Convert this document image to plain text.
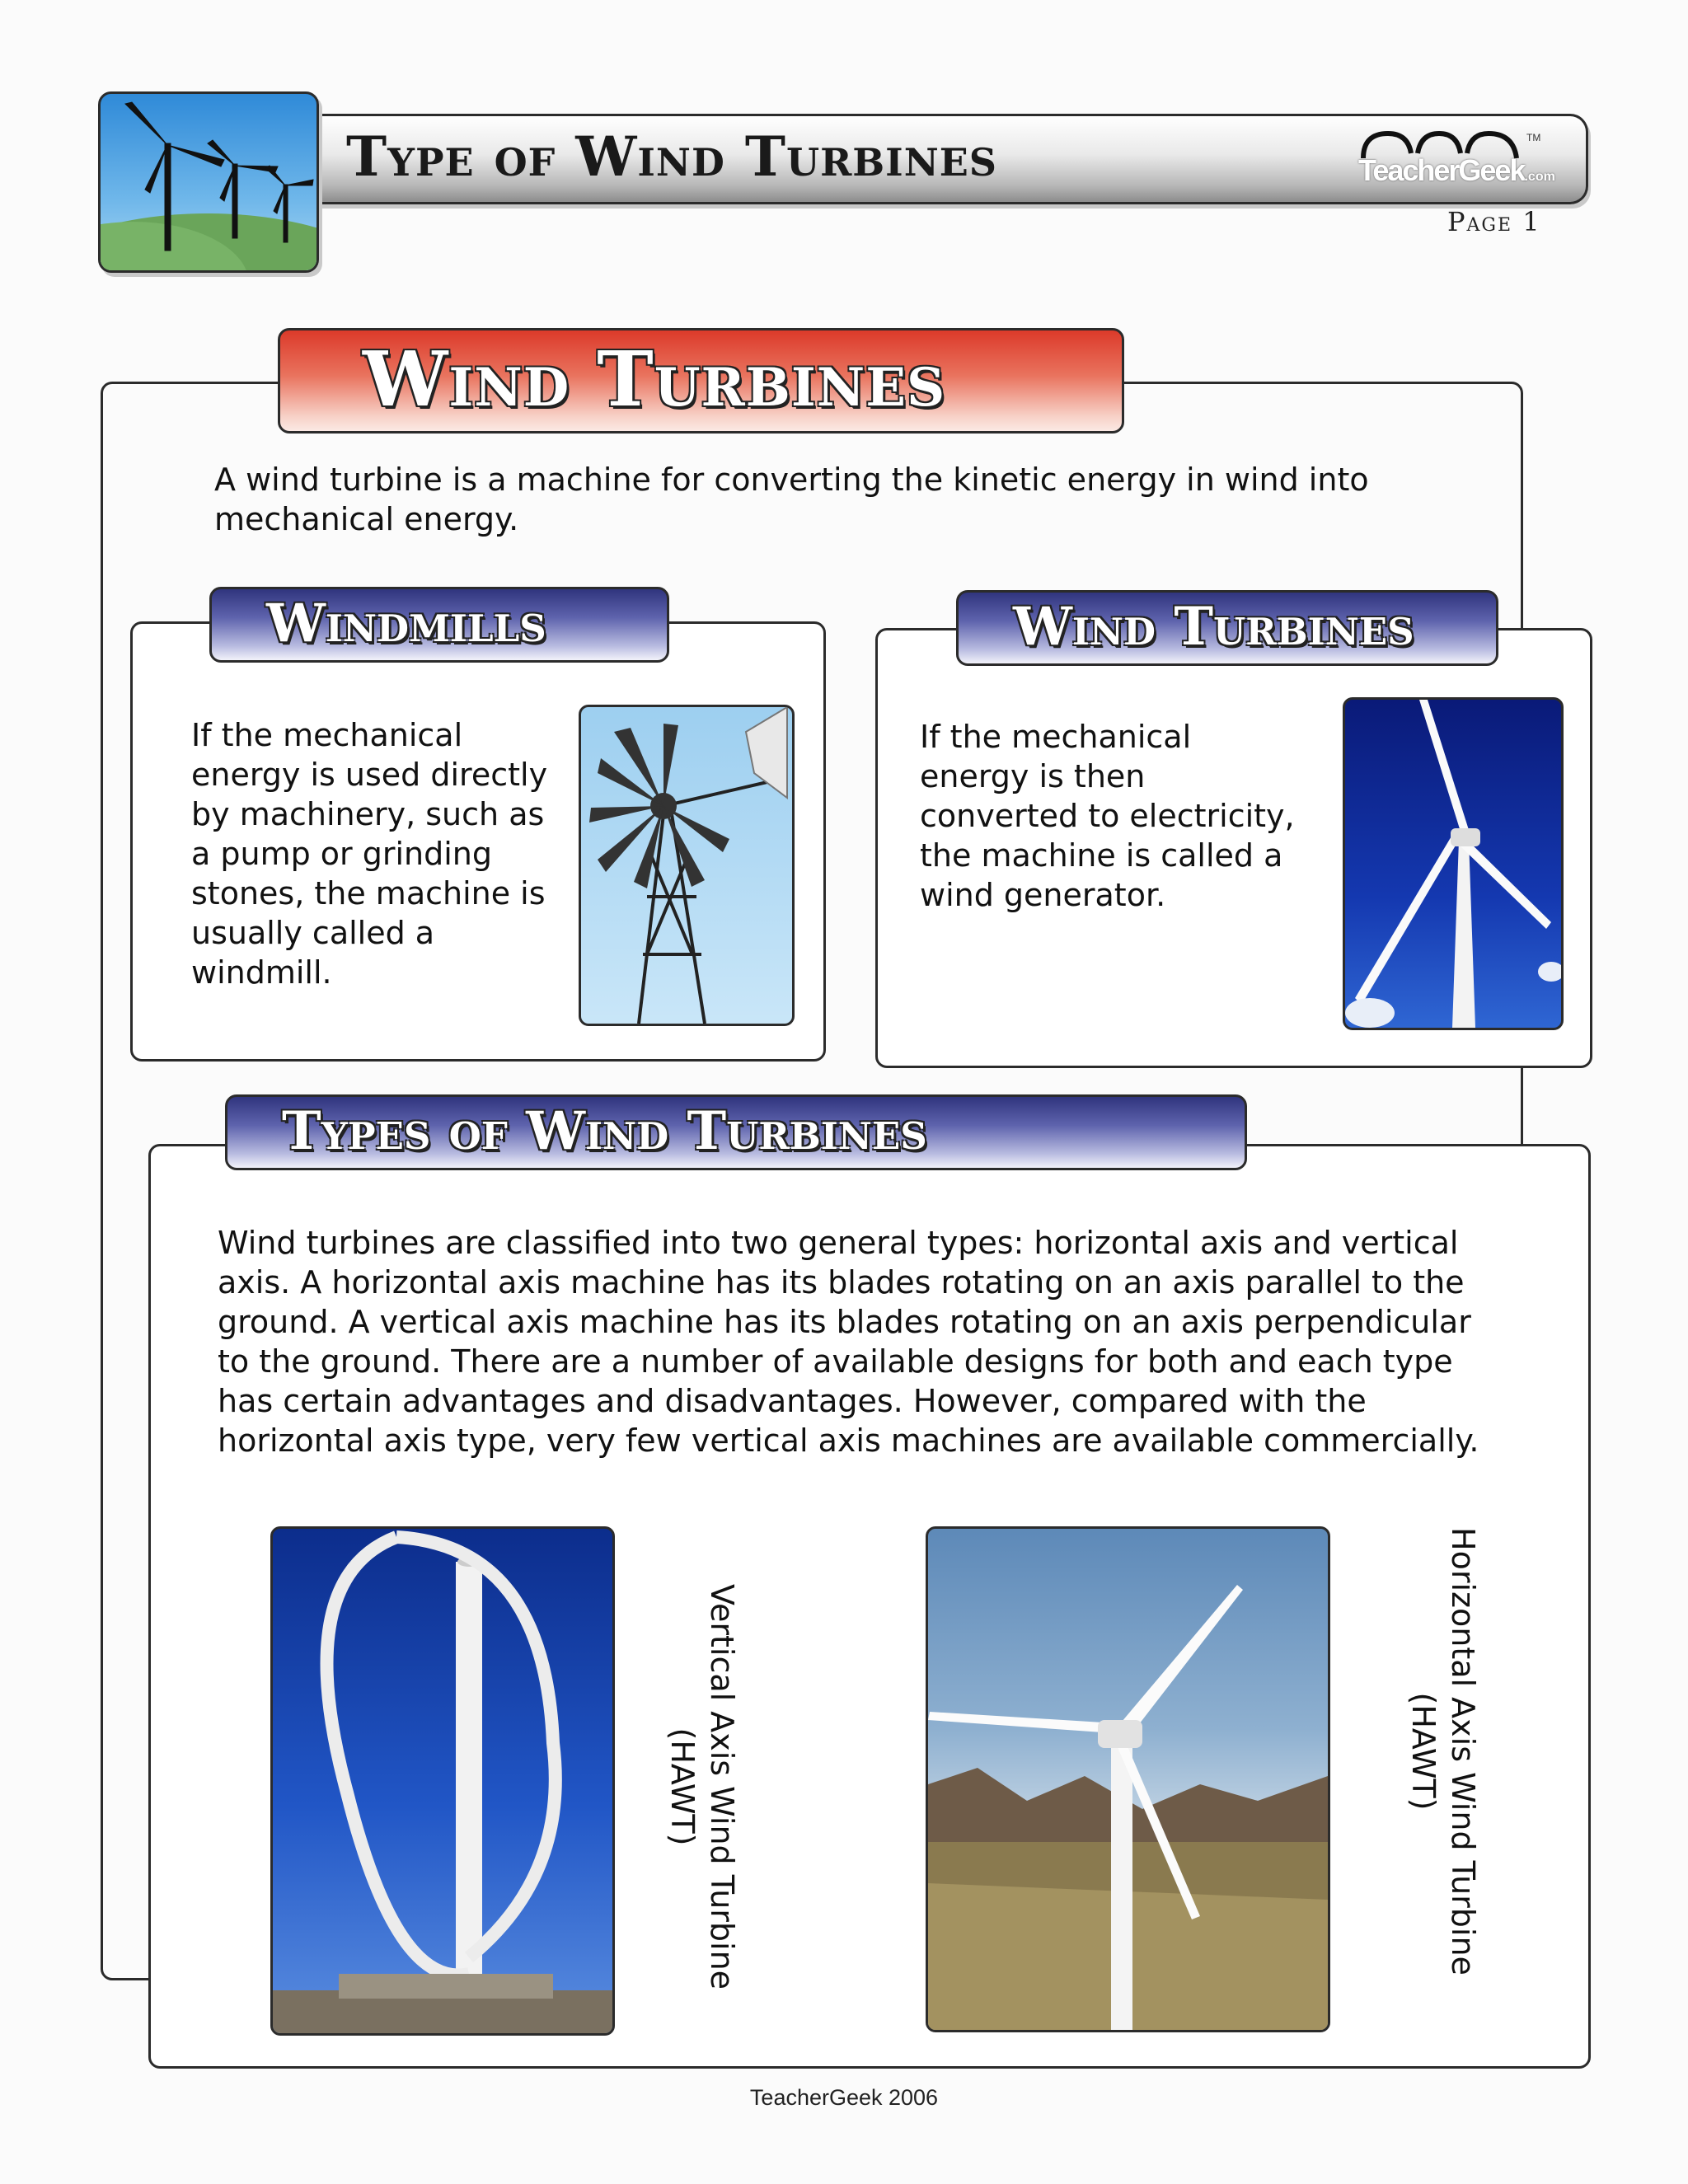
Type of Wind Turbines	TeacherGeek.com
TM
Page 1
Wind Turbines
A wind turbine is a machine for converting the kinetic energy in wind into mechanical energy.
Windmills
If the mechanical energy is used directly by machinery, such as a pump or grinding stones, the machine is usually called a windmill.
Wind Turbines
If the mechanical energy is then converted to electricity, the machine is called a wind generator.
Types of Wind Turbines
Wind turbines are classified into two general types: horizontal axis and vertical axis. A horizontal axis machine has its blades rotating on an axis parallel to the ground. A vertical axis machine has its blades rotating on an axis perpendicular to the ground. There are a number of available designs for both and each type has certain advantages and disadvantages. However, compared with the horizontal axis type, very few vertical axis machines are available commercially.
Vertical Axis Wind Turbine
(HAWT)	Horizontal Axis Wind Turbine
(HAWT)
TeacherGeek 2006
